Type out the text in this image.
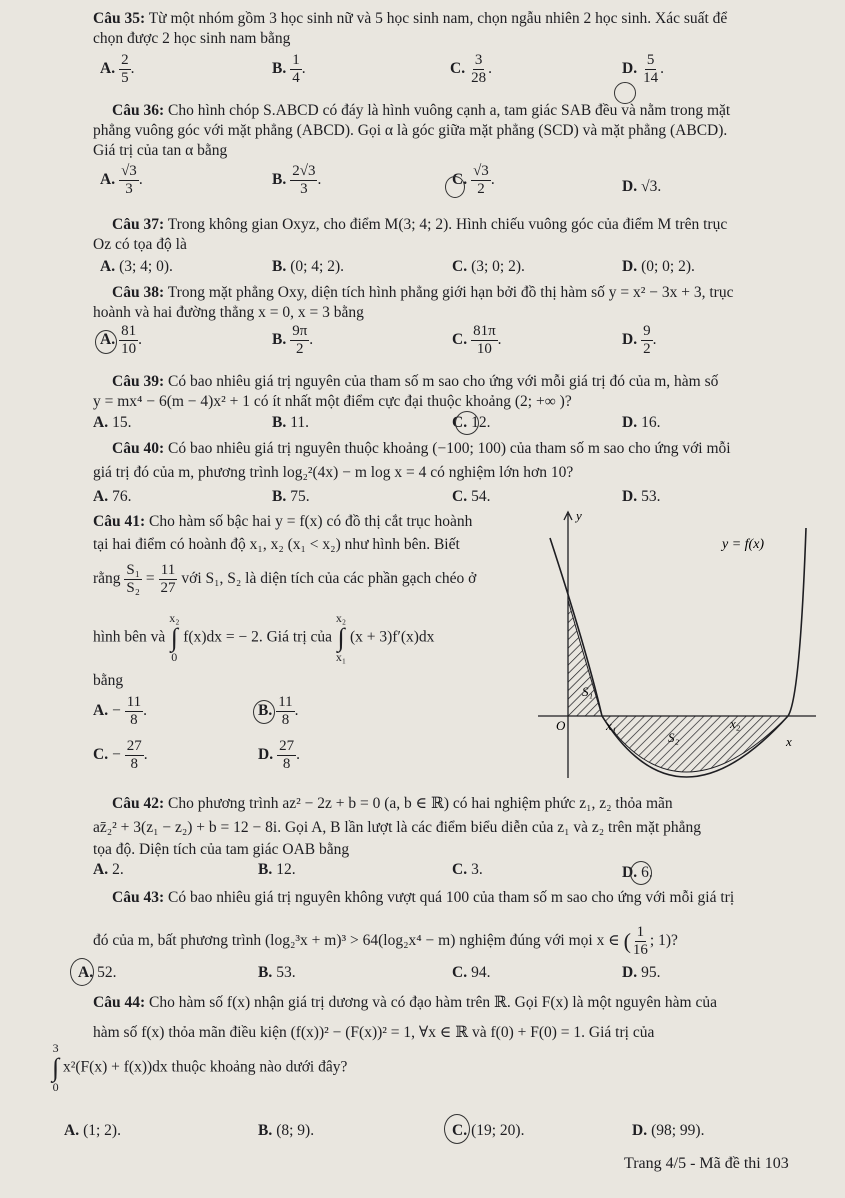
Câu 35: Từ một nhóm gồm 3 học sinh nữ và 5 học sinh nam, chọn ngẫu nhiên 2 học sinh. Xác suất để
chọn được 2 học sinh nam bằng
A. $\frac{2}{5}$ .	B. $\frac{1}{4}$ .	C. $\frac{3}{28}$ .	D. $\frac{5}{14}$ .
Câu 36: Cho hình chóp S.ABCD có đáy là hình vuông cạnh a, tam giác SAB đều và nằm trong mặt
phẳng vuông góc với mặt phẳng (ABCD). Gọi α là góc giữa mặt phẳng (SCD) và mặt phẳng (ABCD).
Giá trị của tan α bằng
A. $\frac{√3}{3}$ .	B. $\frac{2√3}{3}$ .	C. $\frac{√3}{2}$ .	D. √3.
Câu 37: Trong không gian Oxyz, cho điểm M(3; 4; 2). Hình chiếu vuông góc của điểm M trên trục
Oz có tọa độ là
A. (3; 4; 0).	B. (0; 4; 2).	C. (3; 0; 2).	D. (0; 0; 2).
Câu 38: Trong mặt phẳng Oxy, diện tích hình phẳng giới hạn bởi đồ thị hàm số y = x² − 3x + 3, trục
hoành và hai đường thẳng x = 0, x = 3 bằng
A. $\frac{81}{10}$ .	B. $\frac{9\pi}{2}$ .	C. $\frac{81\pi}{10}$ .	D. $\frac{9}{2}$ .
Câu 39: Có bao nhiêu giá trị nguyên của tham số m sao cho ứng với mỗi giá trị đó của m, hàm số
y = mx⁴ − 6(m − 4)x² + 1 có ít nhất một điểm cực đại thuộc khoảng (2; +∞ )?
A. 15.	B. 11.	C. 12.	D. 16.
Câu 40: Có bao nhiêu giá trị nguyên thuộc khoảng (−100; 100) của tham số m sao cho ứng với mỗi
giá trị đó của m, phương trình log₂²(4x) − m log x = 4 có nghiệm lớn hơn 10?
A. 76.	B. 75.	C. 54.	D. 53.
Câu 41: Cho hàm số bậc hai y = f(x) có đồ thị cắt trục hoành
tại hai điểm có hoành độ x₁, x₂ (x₁ < x₂) như hình bên. Biết
rằng $\frac{\text{S₁}}{\text{S₂}} = \frac{11}{27}$ với S₁, S₂ là diện tích của các phần gạch chéo ở
hình bên và
x₂
∫
0
f(x)dx = − 2. Giá trị của
x₂
∫
x₁
(x + 3)f′(x)dx
bằng
A. − $\frac{11}{8}$ .	B. $\frac{11}{8}$ .
C. − $\frac{27}{8}$ .	D. $\frac{27}{8}$ .
y
x
O	x₁	x₂
S₁
S₂
y = f(x)
Câu 42: Cho phương trình az² − 2z + b = 0 (a, b ∈ ℝ) có hai nghiệm phức z₁, z₂ thỏa mãn
az̄₂² + 3(z₁ − z₂) + b = 12 − 8i. Gọi A, B lần lượt là các điểm biểu diễn của z₁ và z₂ trên mặt phẳng
tọa độ. Diện tích của tam giác OAB bằng
A. 2.	B. 12.	C. 3.	D. 6.
Câu 43: Có bao nhiêu giá trị nguyên không vượt quá 100 của tham số m sao cho ứng với mỗi giá trị
đó của m, bất phương trình (log₂³x + m)³ > 64(log₂x⁴ − m) nghiệm đúng với mọi x ∈ ( $\frac{1}{16}$ ; 1)?
A. 52.	B. 53.	C. 94.	D. 95.
Câu 44: Cho hàm số f(x) nhận giá trị dương và có đạo hàm trên ℝ. Gọi F(x) là một nguyên hàm của
hàm số f(x) thỏa mãn điều kiện (f(x))² − (F(x))² = 1, ∀x ∈ ℝ và f(0) + F(0) = 1. Giá trị của
3
∫
0
x²(F(x) + f(x))dx thuộc khoảng nào dưới đây?
A. (1; 2).	B. (8; 9).	C. (19; 20).	D. (98; 99).
Trang 4/5 - Mã đề thi 103
